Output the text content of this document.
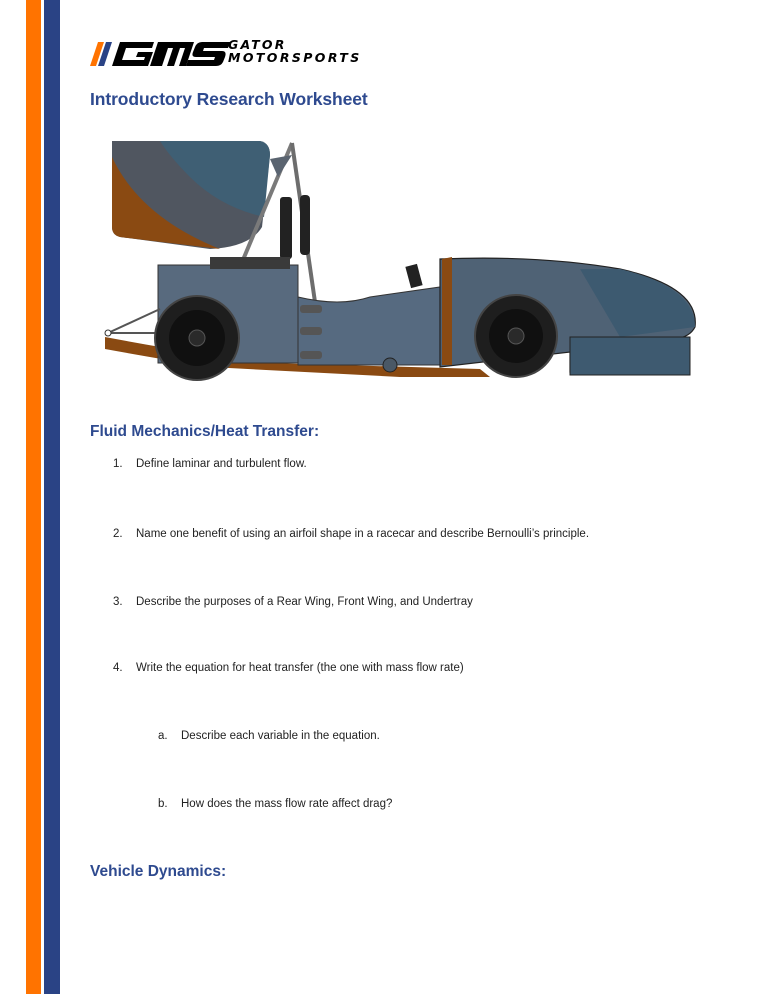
GATOR
MOTORSPORTS
Introductory Research Worksheet
Fluid Mechanics/Heat Transfer:
1. Define laminar and turbulent flow.
2. Name one benefit of using an airfoil shape in a racecar and describe Bernoulli’s principle.
3. Describe the purposes of a Rear Wing, Front Wing, and Undertray
4. Write the equation for heat transfer (the one with mass flow rate)
a. Describe each variable in the equation.
b. How does the mass flow rate affect drag?
Vehicle Dynamics:
